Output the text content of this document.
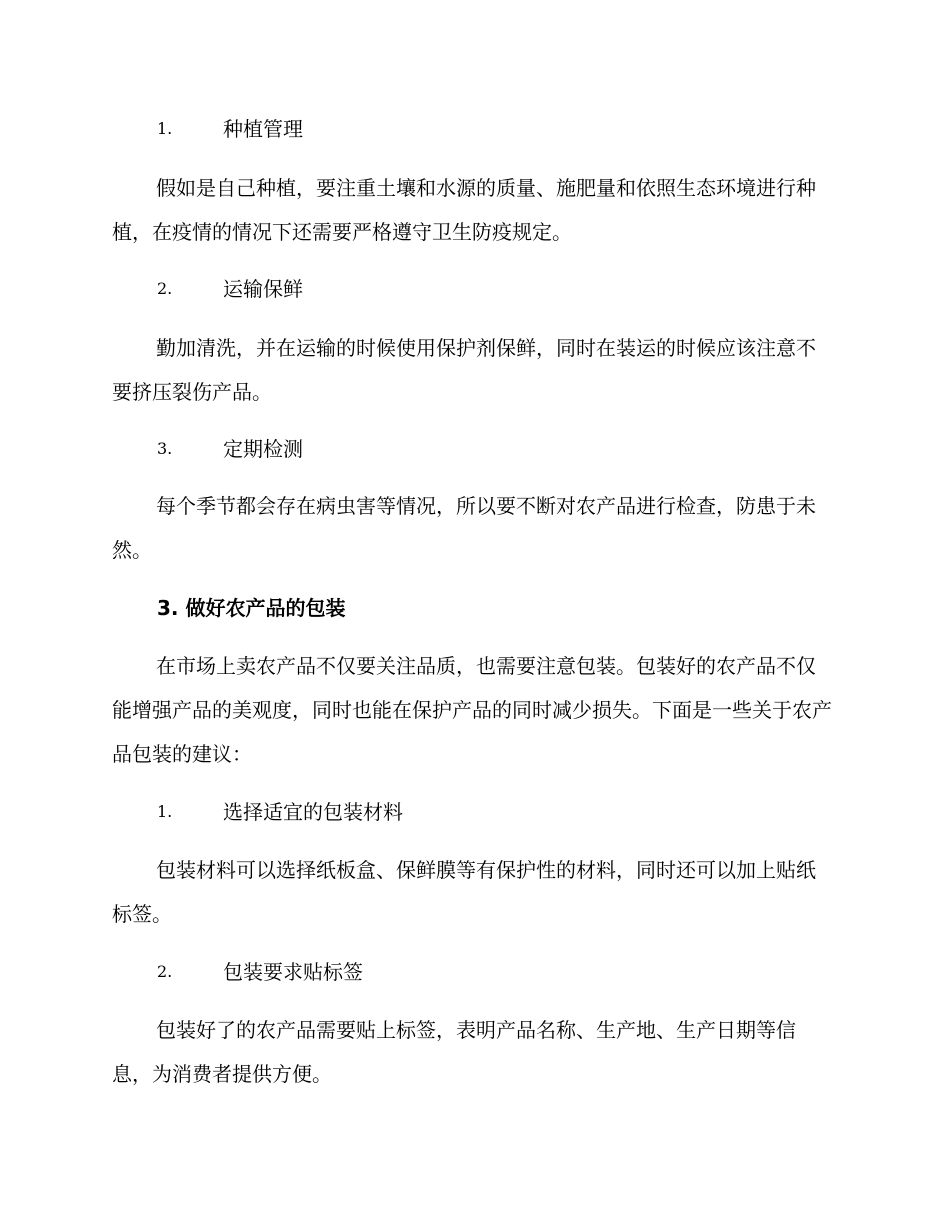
1.	种植管理

假如是自己种植，要注重土壤和水源的质量、施肥量和依照生态环境进行种植，在疫情的情况下还需要严格遵守卫生防疫规定。

2.	运输保鲜

勤加清洗，并在运输的时候使用保护剂保鲜，同时在装运的时候应该注意不要挤压裂伤产品。

3.	定期检测

每个季节都会存在病虫害等情况，所以要不断对农产品进行检查，防患于未然。

3. 做好农产品的包装

在市场上卖农产品不仅要关注品质，也需要注意包装。包装好的农产品不仅能增强产品的美观度，同时也能在保护产品的同时减少损失。下面是一些关于农产品包装的建议：

1.	选择适宜的包装材料

包装材料可以选择纸板盒、保鲜膜等有保护性的材料，同时还可以加上贴纸标签。

2.	包装要求贴标签

包装好了的农产品需要贴上标签，表明产品名称、生产地、生产日期等信息，为消费者提供方便。
